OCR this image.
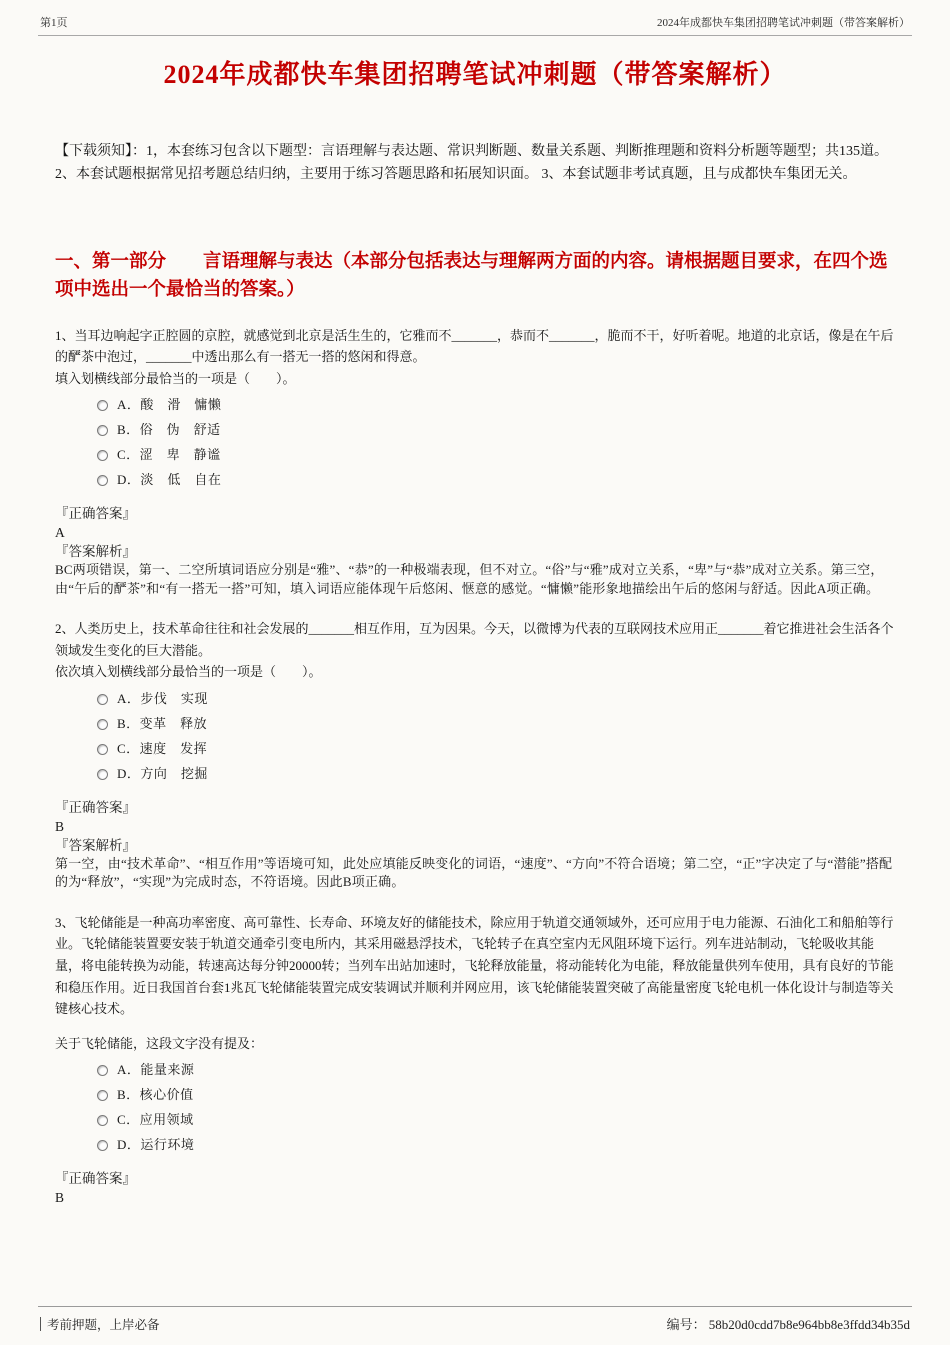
第1页	2024年成都快车集团招聘笔试冲刺题（带答案解析）
2024年成都快车集团招聘笔试冲刺题（带答案解析）

【下载须知】：1，本套练习包含以下题型：言语理解与表达题、常识判断题、数量关系题、判断推理题和资料分析题等题型；共135道。 2、本套试题根据常见招考题总结归纳，主要用于练习答题思路和拓展知识面。 3、本套试题非考试真题，且与成都快车集团无关。

一、第一部分　　言语理解与表达（本部分包括表达与理解两方面的内容。请根据题目要求，在四个选项中选出一个最恰当的答案。）

1、当耳边响起字正腔圆的京腔，就感觉到北京是活生生的，它雅而不_______，恭而不_______，脆而不干，好听着呢。地道的北京话，像是在午后的酽茶中泡过，_______中透出那么有一搭无一搭的悠闲和得意。

填入划横线部分最恰当的一项是（　　）。

A．酸　滑　慵懒
B．俗　伪　舒适
C．涩　卑　静谧
D．淡　低　自在

『正确答案』

A

『答案解析』

BC两项错误，第一、二空所填词语应分别是“雅”、“恭”的一种极端表现，但不对立。“俗”与“雅”成对立关系，“卑”与“恭”成对立关系。第三空，由“午后的酽茶”和“有一搭无一搭”可知，填入词语应能体现午后悠闲、惬意的感觉。“慵懒”能形象地描绘出午后的悠闲与舒适。因此A项正确。

2、人类历史上，技术革命往往和社会发展的_______相互作用，互为因果。今天，以微博为代表的互联网技术应用正_______着它推进社会生活各个领域发生变化的巨大潜能。

依次填入划横线部分最恰当的一项是（　　）。

A．步伐　实现
B．变革　释放
C．速度　发挥
D．方向　挖掘

『正确答案』

B

『答案解析』

第一空，由“技术革命”、“相互作用”等语境可知，此处应填能反映变化的词语，“速度”、“方向”不符合语境；第二空，“正”字决定了与“潜能”搭配的为“释放”，“实现”为完成时态，不符语境。因此B项正确。

3、飞轮储能是一种高功率密度、高可靠性、长寿命、环境友好的储能技术，除应用于轨道交通领域外，还可应用于电力能源、石油化工和船舶等行业。飞轮储能装置要安装于轨道交通牵引变电所内，其采用磁悬浮技术，飞轮转子在真空室内无风阻环境下运行。列车进站制动，飞轮吸收其能量，将电能转换为动能，转速高达每分钟20000转；当列车出站加速时，飞轮释放能量，将动能转化为电能，释放能量供列车使用，具有良好的节能和稳压作用。近日我国首台套1兆瓦飞轮储能装置完成安装调试并顺利并网应用，该飞轮储能装置突破了高能量密度飞轮电机一体化设计与制造等关键核心技术。

关于飞轮储能，这段文字没有提及：

A．能量来源
B．核心价值
C．应用领域
D．运行环境

『正确答案』

B

考前押题，上岸必备	编号： 58b20d0cdd7b8e964bb8e3ffdd34b35d
